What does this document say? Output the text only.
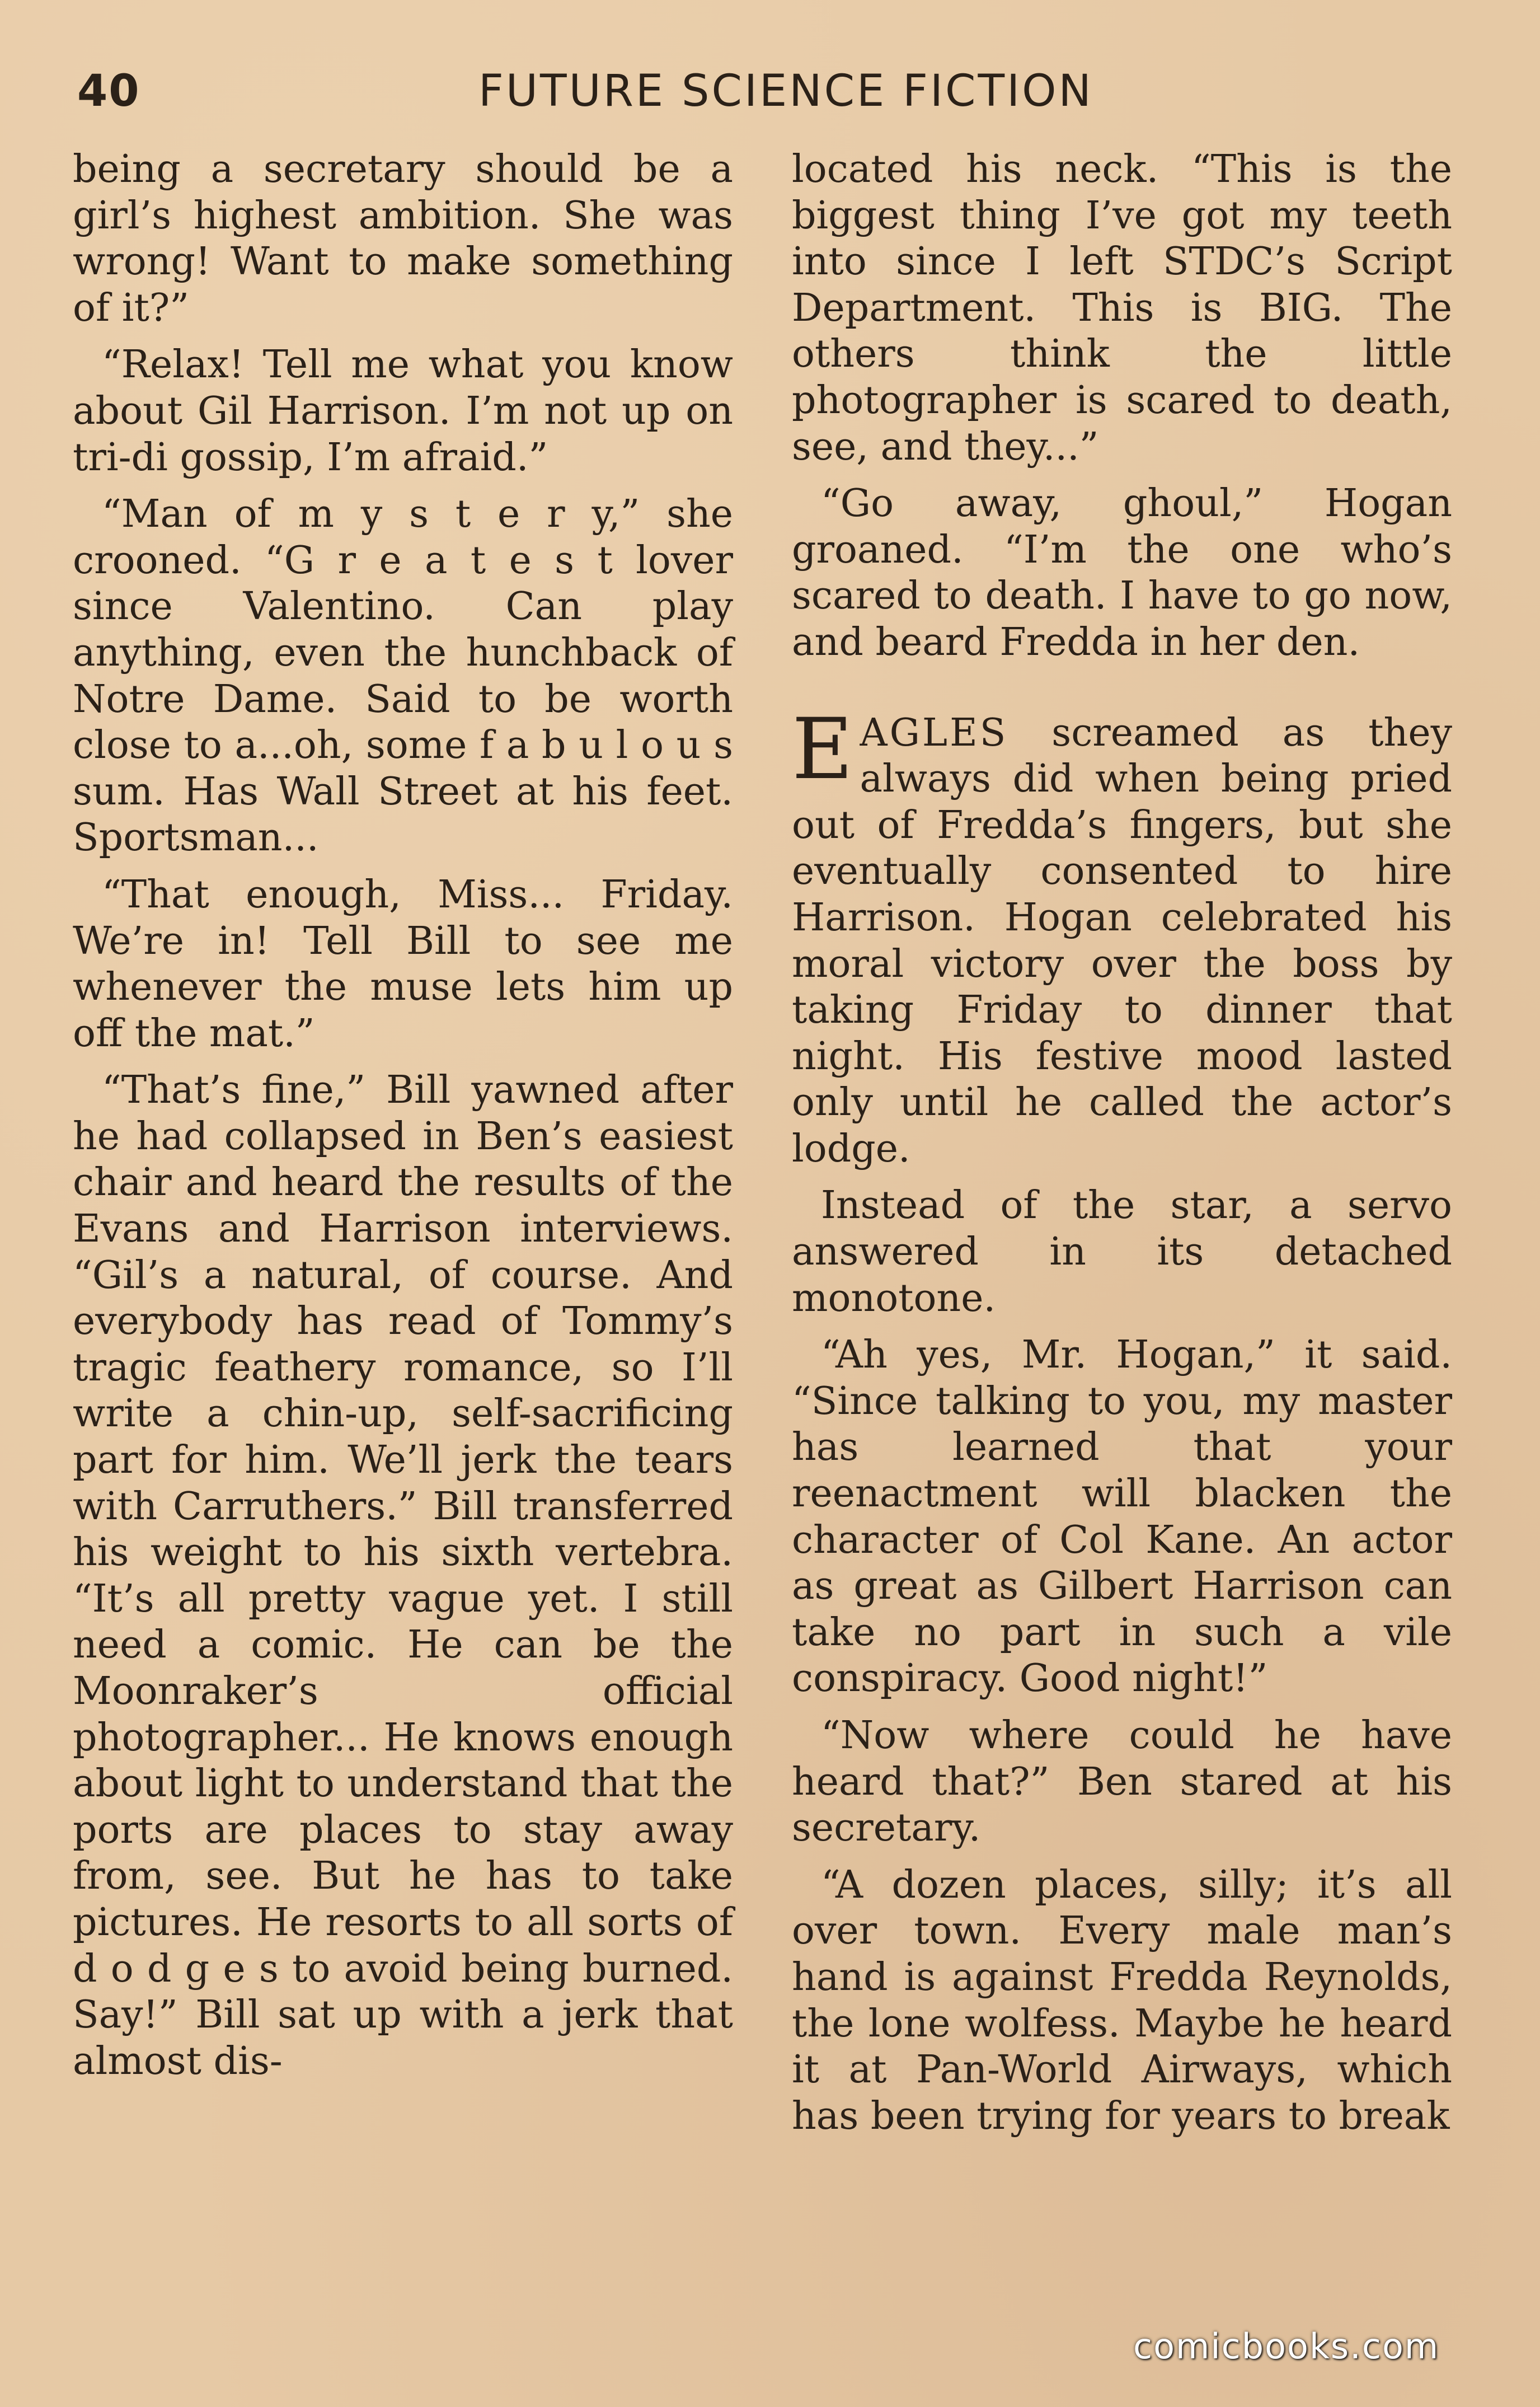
40	FUTURE SCIENCE FICTION

being a secretary should be a girl’s highest ambition. She was wrong! Want to make something of it?”

“Relax! Tell me what you know about Gil Harrison. I’m not up on tri-di gossip, I’m afraid.”

“Man of m y s t e r y,” she crooned. “G r e a t e s t lover since Valentino. Can play anything, even the hunchback of Notre Dame. Said to be worth close to a...oh, some f a b u l o u s sum. Has Wall Street at his feet. Sportsman...

“That enough, Miss... Friday. We’re in! Tell Bill to see me whenever the muse lets him up off the mat.”

“That’s fine,” Bill yawned after he had collapsed in Ben’s easiest chair and heard the results of the Evans and Harrison interviews. “Gil’s a natural, of course. And everybody has read of Tommy’s tragic feathery romance, so I’ll write a chin-up, self-sacrificing part for him. We’ll jerk the tears with Carruthers.” Bill transferred his weight to his sixth vertebra. “It’s all pretty vague yet. I still need a comic. He can be the Moonraker’s official photographer... He knows enough about light to understand that the ports are places to stay away from, see. But he has to take pictures. He resorts to all sorts of d o d g e s to avoid being burned. Say!” Bill sat up with a jerk that almost dis-

located his neck. “This is the biggest thing I’ve got my teeth into since I left STDC’s Script Department. This is BIG. The others think the little photographer is scared to death, see, and they...”

“Go away, ghoul,” Hogan groaned. “I’m the one who’s scared to death. I have to go now, and beard Fredda in her den.

EAGLES screamed as they always did when being pried out of Fredda’s fingers, but she eventually consented to hire Harrison. Hogan celebrated his moral victory over the boss by taking Friday to dinner that night. His festive mood lasted only until he called the actor’s lodge.

Instead of the star, a servo answered in its detached monotone.

“Ah yes, Mr. Hogan,” it said. “Since talking to you, my master has learned that your reenactment will blacken the character of Col Kane. An actor as great as Gilbert Harrison can take no part in such a vile conspiracy. Good night!”

“Now where could he have heard that?” Ben stared at his secretary.

“A dozen places, silly; it’s all over town. Every male man’s hand is against Fredda Reynolds, the lone wolfess. Maybe he heard it at Pan-World Airways, which has been trying for years to break

comicbooks.com
